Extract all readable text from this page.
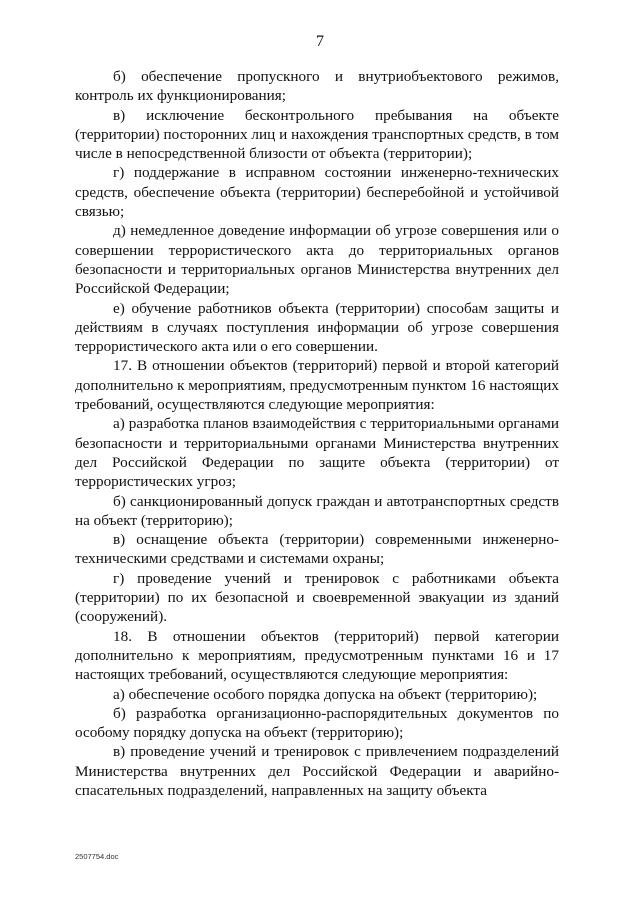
7

б) обеспечение пропускного и внутриобъектового режимов, контроль их функционирования;

в) исключение бесконтрольного пребывания на объекте (территории) посторонних лиц и нахождения транспортных средств, в том числе в непосредственной близости от объекта (территории);

г) поддержание в исправном состоянии инженерно-технических средств, обеспечение объекта (территории) бесперебойной и устойчивой связью;

д) немедленное доведение информации об угрозе совершения или о совершении террористического акта до территориальных органов безопасности и территориальных органов Министерства внутренних дел Российской Федерации;

е) обучение работников объекта (территории) способам защиты и действиям в случаях поступления информации об угрозе совершения террористического акта или о его совершении.

17. В отношении объектов (территорий) первой и второй категорий дополнительно к мероприятиям, предусмотренным пунктом 16 настоящих требований, осуществляются следующие мероприятия:

а) разработка планов взаимодействия с территориальными органами безопасности и территориальными органами Министерства внутренних дел Российской Федерации по защите объекта (территории) от террористических угроз;

б) санкционированный допуск граждан и автотранспортных средств на объект (территорию);

в) оснащение объекта (территории) современными инженерно-техническими средствами и системами охраны;

г) проведение учений и тренировок с работниками объекта (территории) по их безопасной и своевременной эвакуации из зданий (сооружений).

18. В отношении объектов (территорий) первой категории дополнительно к мероприятиям, предусмотренным пунктами 16 и 17 настоящих требований, осуществляются следующие мероприятия:

а) обеспечение особого порядка допуска на объект (территорию);

б) разработка организационно-распорядительных документов по особому порядку допуска на объект (территорию);

в) проведение учений и тренировок с привлечением подразделений Министерства внутренних дел Российской Федерации и аварийно-спасательных подразделений, направленных на защиту объекта

2507754.doc
